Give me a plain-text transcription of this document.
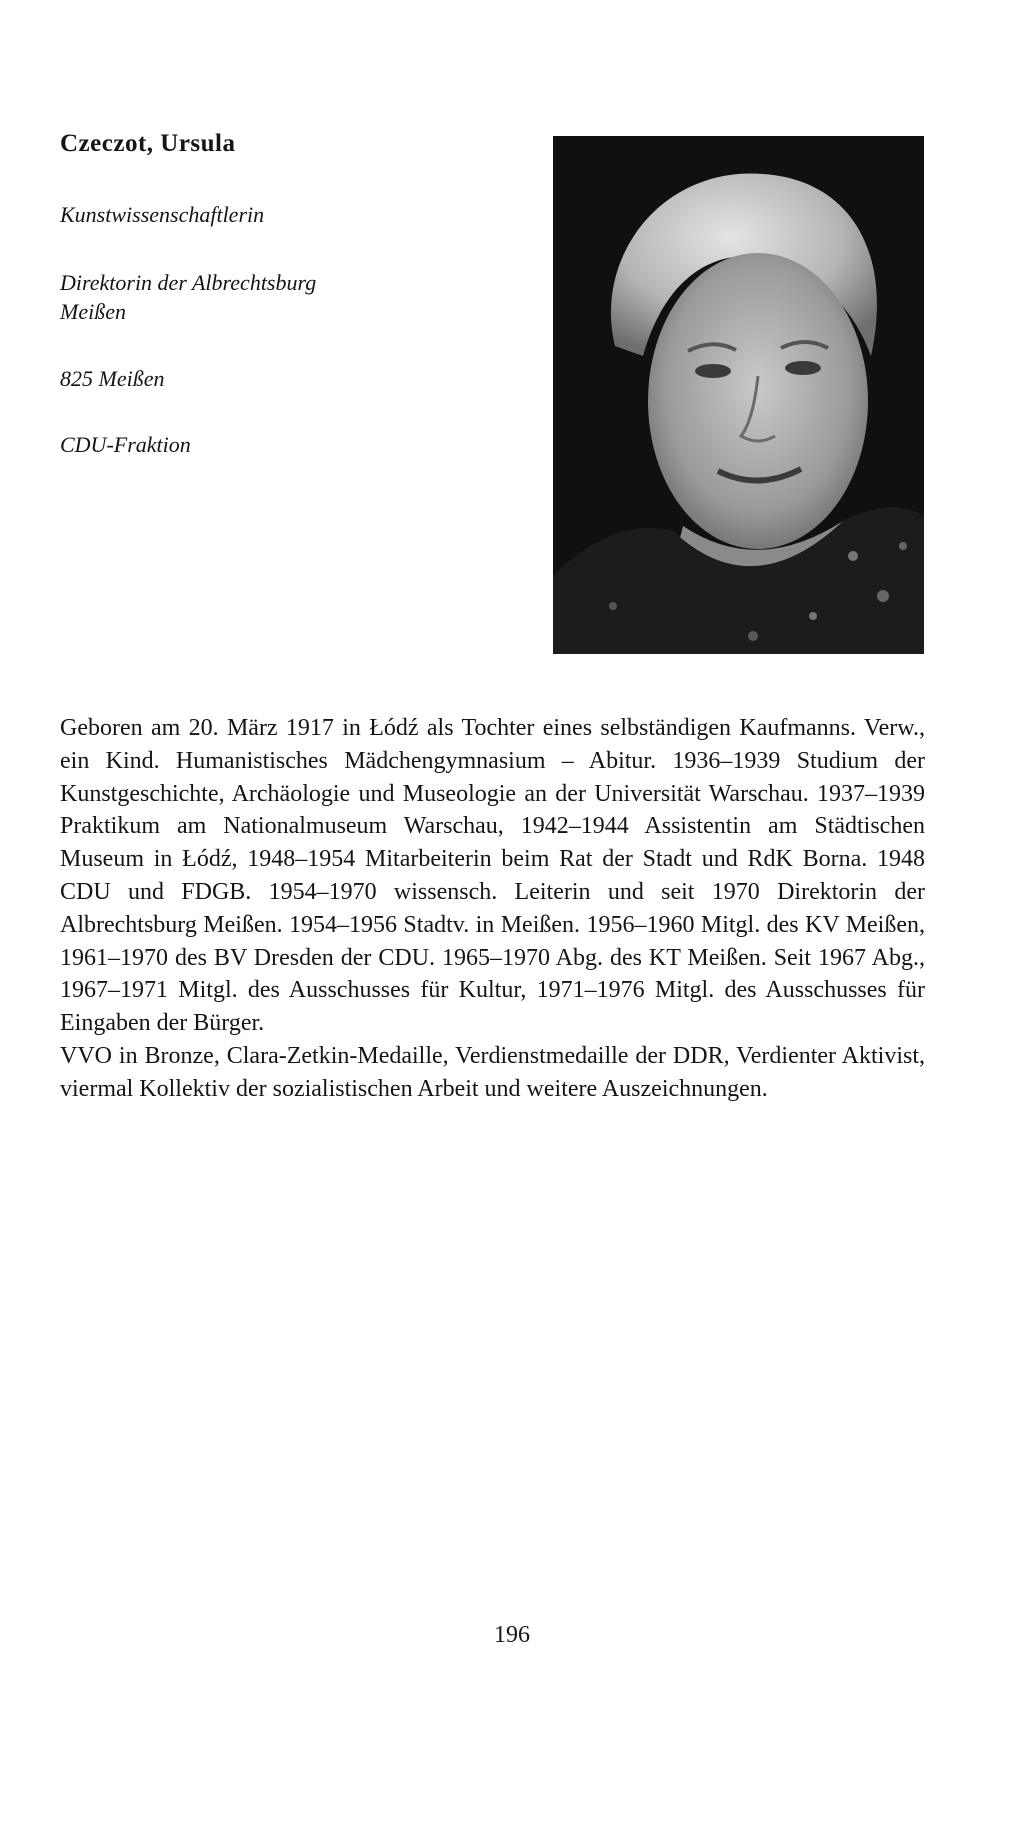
Czeczot, Ursula
Kunstwissenschaftlerin
Direktorin der Albrechtsburg
Meißen
825 Meißen
CDU-Fraktion

Geboren am 20. März 1917 in Łódź als Tochter eines selbständigen Kaufmanns. Verw., ein Kind. Humanistisches Mädchengymnasium – Abitur. 1936–1939 Studium der Kunstgeschichte, Archäologie und Museologie an der Universität Warschau. 1937–1939 Praktikum am Nationalmuseum Warschau, 1942–1944 Assistentin am Städtischen Museum in Łódź, 1948–1954 Mitarbeiterin beim Rat der Stadt und RdK Borna. 1948 CDU und FDGB. 1954–1970 wissensch. Leiterin und seit 1970 Direktorin der Albrechtsburg Meißen. 1954–1956 Stadtv. in Meißen. 1956–1960 Mitgl. des KV Meißen, 1961–1970 des BV Dresden der CDU. 1965–1970 Abg. des KT Meißen. Seit 1967 Abg., 1967–1971 Mitgl. des Ausschusses für Kultur, 1971–1976 Mitgl. des Ausschusses für Eingaben der Bürger.

VVO in Bronze, Clara-Zetkin-Medaille, Verdienstmedaille der DDR, Verdienter Aktivist, viermal Kollektiv der sozialistischen Arbeit und weitere Auszeichnungen.

196
